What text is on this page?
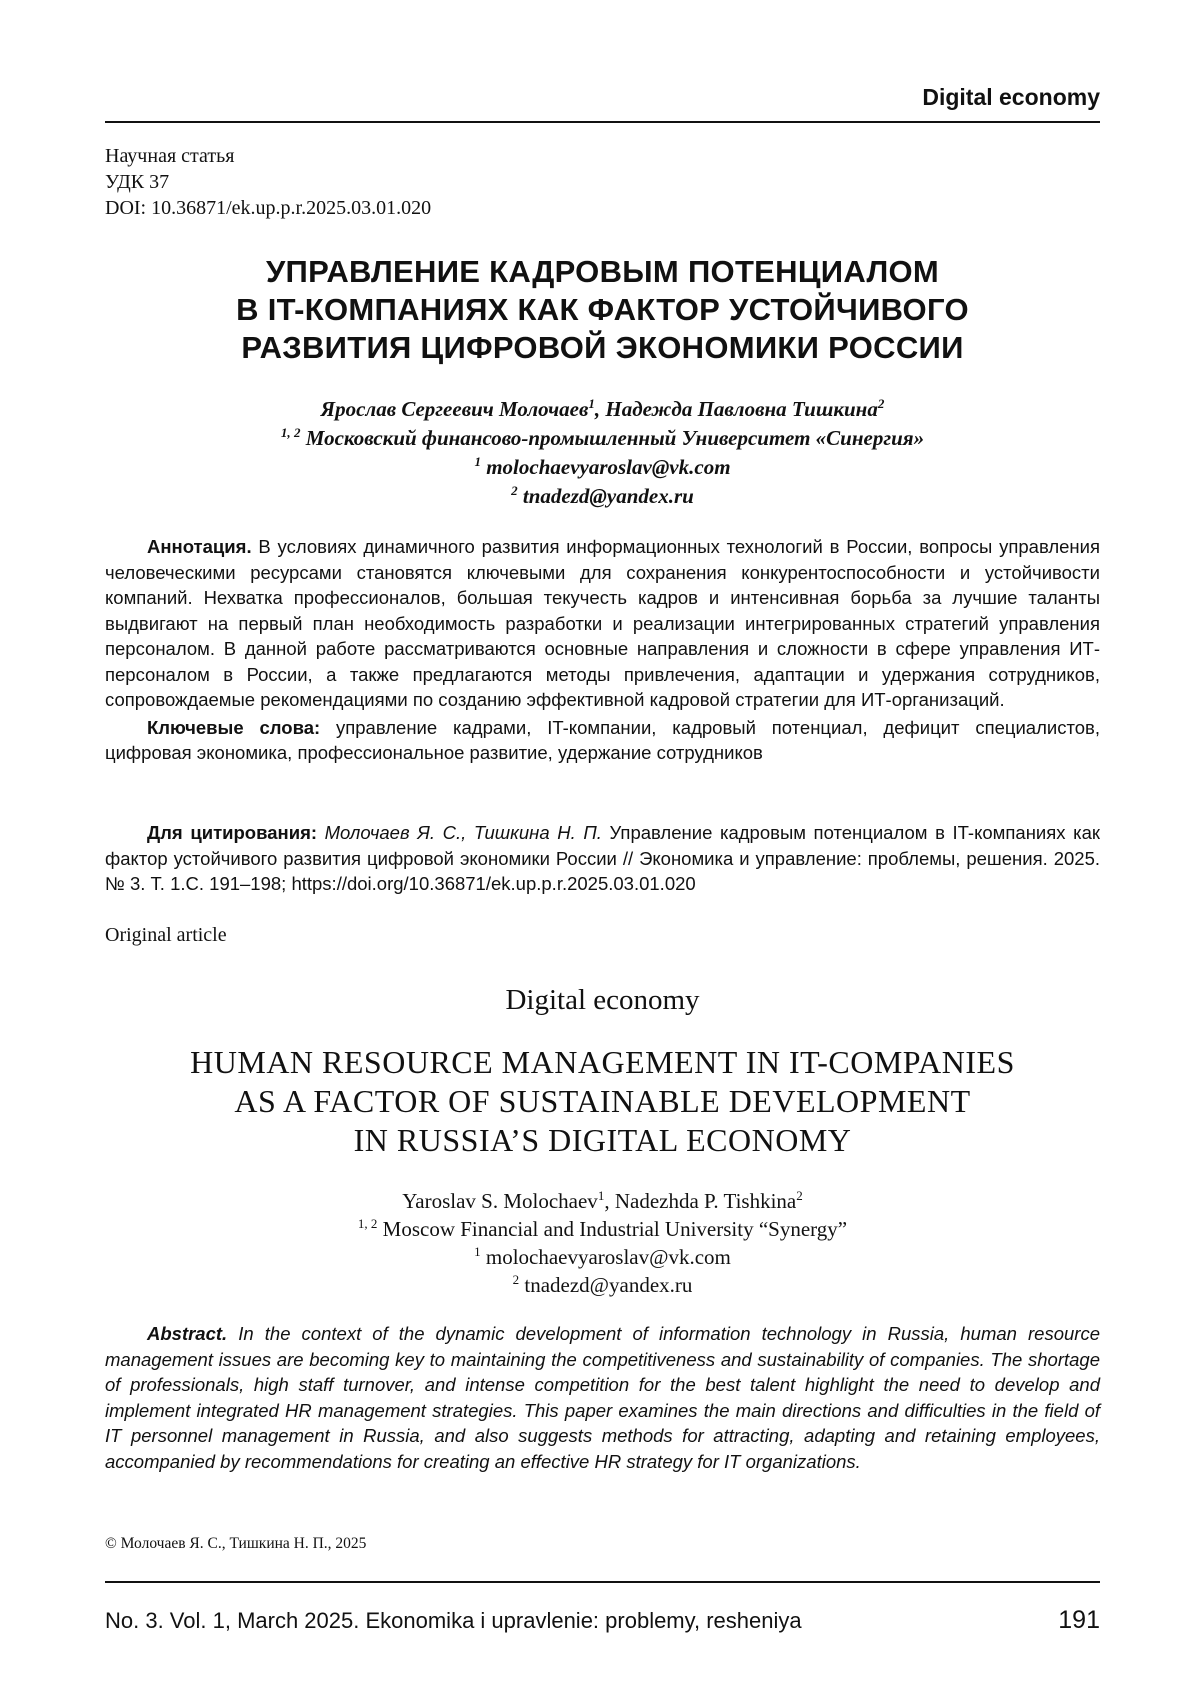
Digital economy
Научная статья
УДК 37
DOI: 10.36871/ek.up.p.r.2025.03.01.020
УПРАВЛЕНИЕ КАДРОВЫМ ПОТЕНЦИАЛОМ
В IT-КОМПАНИЯХ КАК ФАКТОР УСТОЙЧИВОГО
РАЗВИТИЯ ЦИФРОВОЙ ЭКОНОМИКИ РОССИИ
Ярослав Сергеевич Молочаев1, Надежда Павловна Тишкина2
1, 2 Московский финансово-промышленный Университет «Синергия»
1 molochaevyaroslav@vk.com
2 tnadezd@yandex.ru

Аннотация. В условиях динамичного развития информационных технологий в России, вопросы управления человеческими ресурсами становятся ключевыми для сохранения конкурентоспособности и устойчивости компаний. Нехватка профессионалов, большая текучесть кадров и интенсивная борьба за лучшие таланты выдвигают на первый план необходимость разработки и реализации интегрированных стратегий управления персоналом. В данной работе рассматриваются основные направления и сложности в сфере управления ИТ-персоналом в России, а также предлагаются методы привлечения, адаптации и удержания сотрудников, сопровождаемые рекомендациями по созданию эффективной кадровой стратегии для ИТ-организаций.

Ключевые слова: управление кадрами, IT-компании, кадровый потенциал, дефицит специалистов, цифровая экономика, профессиональное развитие, удержание сотрудников

Для цитирования: Молочаев Я. С., Тишкина Н. П. Управление кадровым потенциалом в IT-компаниях как фактор устойчивого развития цифровой экономики России // Экономика и управление: проблемы, решения. 2025. № 3. Т. 1.С. 191–198; https://doi.org/10.36871/ek.up.p.r.2025.03.01.020

Original article
Digital economy
HUMAN RESOURCE MANAGEMENT IN IT-COMPANIES
AS A FACTOR OF SUSTAINABLE DEVELOPMENT
IN RUSSIA’S DIGITAL ECONOMY
Yaroslav S. Molochaev1, Nadezhda P. Tishkina2
1, 2 Moscow Financial and Industrial University “Synergy”
1 molochaevyaroslav@vk.com
2 tnadezd@yandex.ru

Abstract. In the context of the dynamic development of information technology in Russia, human resource management issues are becoming key to maintaining the competitiveness and sustainability of companies. The shortage of professionals, high staff turnover, and intense competition for the best talent highlight the need to develop and implement integrated HR management strategies. This paper examines the main directions and difficulties in the field of IT personnel management in Russia, and also suggests methods for attracting, adapting and retaining employees, accompanied by recommendations for creating an effective HR strategy for IT organizations.

© Молочаев Я. С., Тишкина Н. П., 2025
No. 3. Vol. 1, March 2025. Ekonomika i upravlenie: problemy, resheniya	191
